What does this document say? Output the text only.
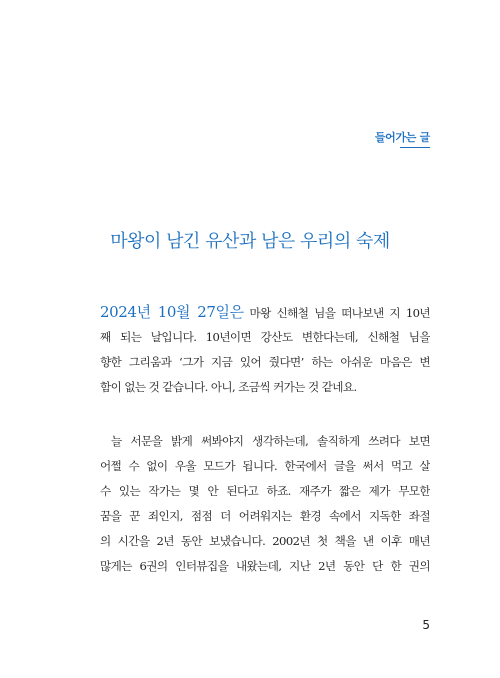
들어가는 글
마왕이 남긴 유산과 남은 우리의 숙제
2024년 10월 27일은 마왕 신해철 님을 떠나보낸 지 10년
째 되는 날입니다. 10년이면 강산도 변한다는데, 신해철 님을
향한 그리움과 ‘그가 지금 있어 줬다면’ 하는 아쉬운 마음은 변
함이 없는 것 같습니다. 아니, 조금씩 커가는 것 같네요.
늘 서문을 밝게 써봐야지 생각하는데, 솔직하게 쓰려다 보면
어쩔 수 없이 우울 모드가 됩니다. 한국에서 글을 써서 먹고 살
수 있는 작가는 몇 안 된다고 하죠. 재주가 짧은 제가 무모한
꿈을 꾼 죄인지, 점점 더 어려워지는 환경 속에서 지독한 좌절
의 시간을 2년 동안 보냈습니다. 2002년 첫 책을 낸 이후 매년
많게는 6권의 인터뷰집을 내왔는데, 지난 2년 동안 단 한 권의
5
